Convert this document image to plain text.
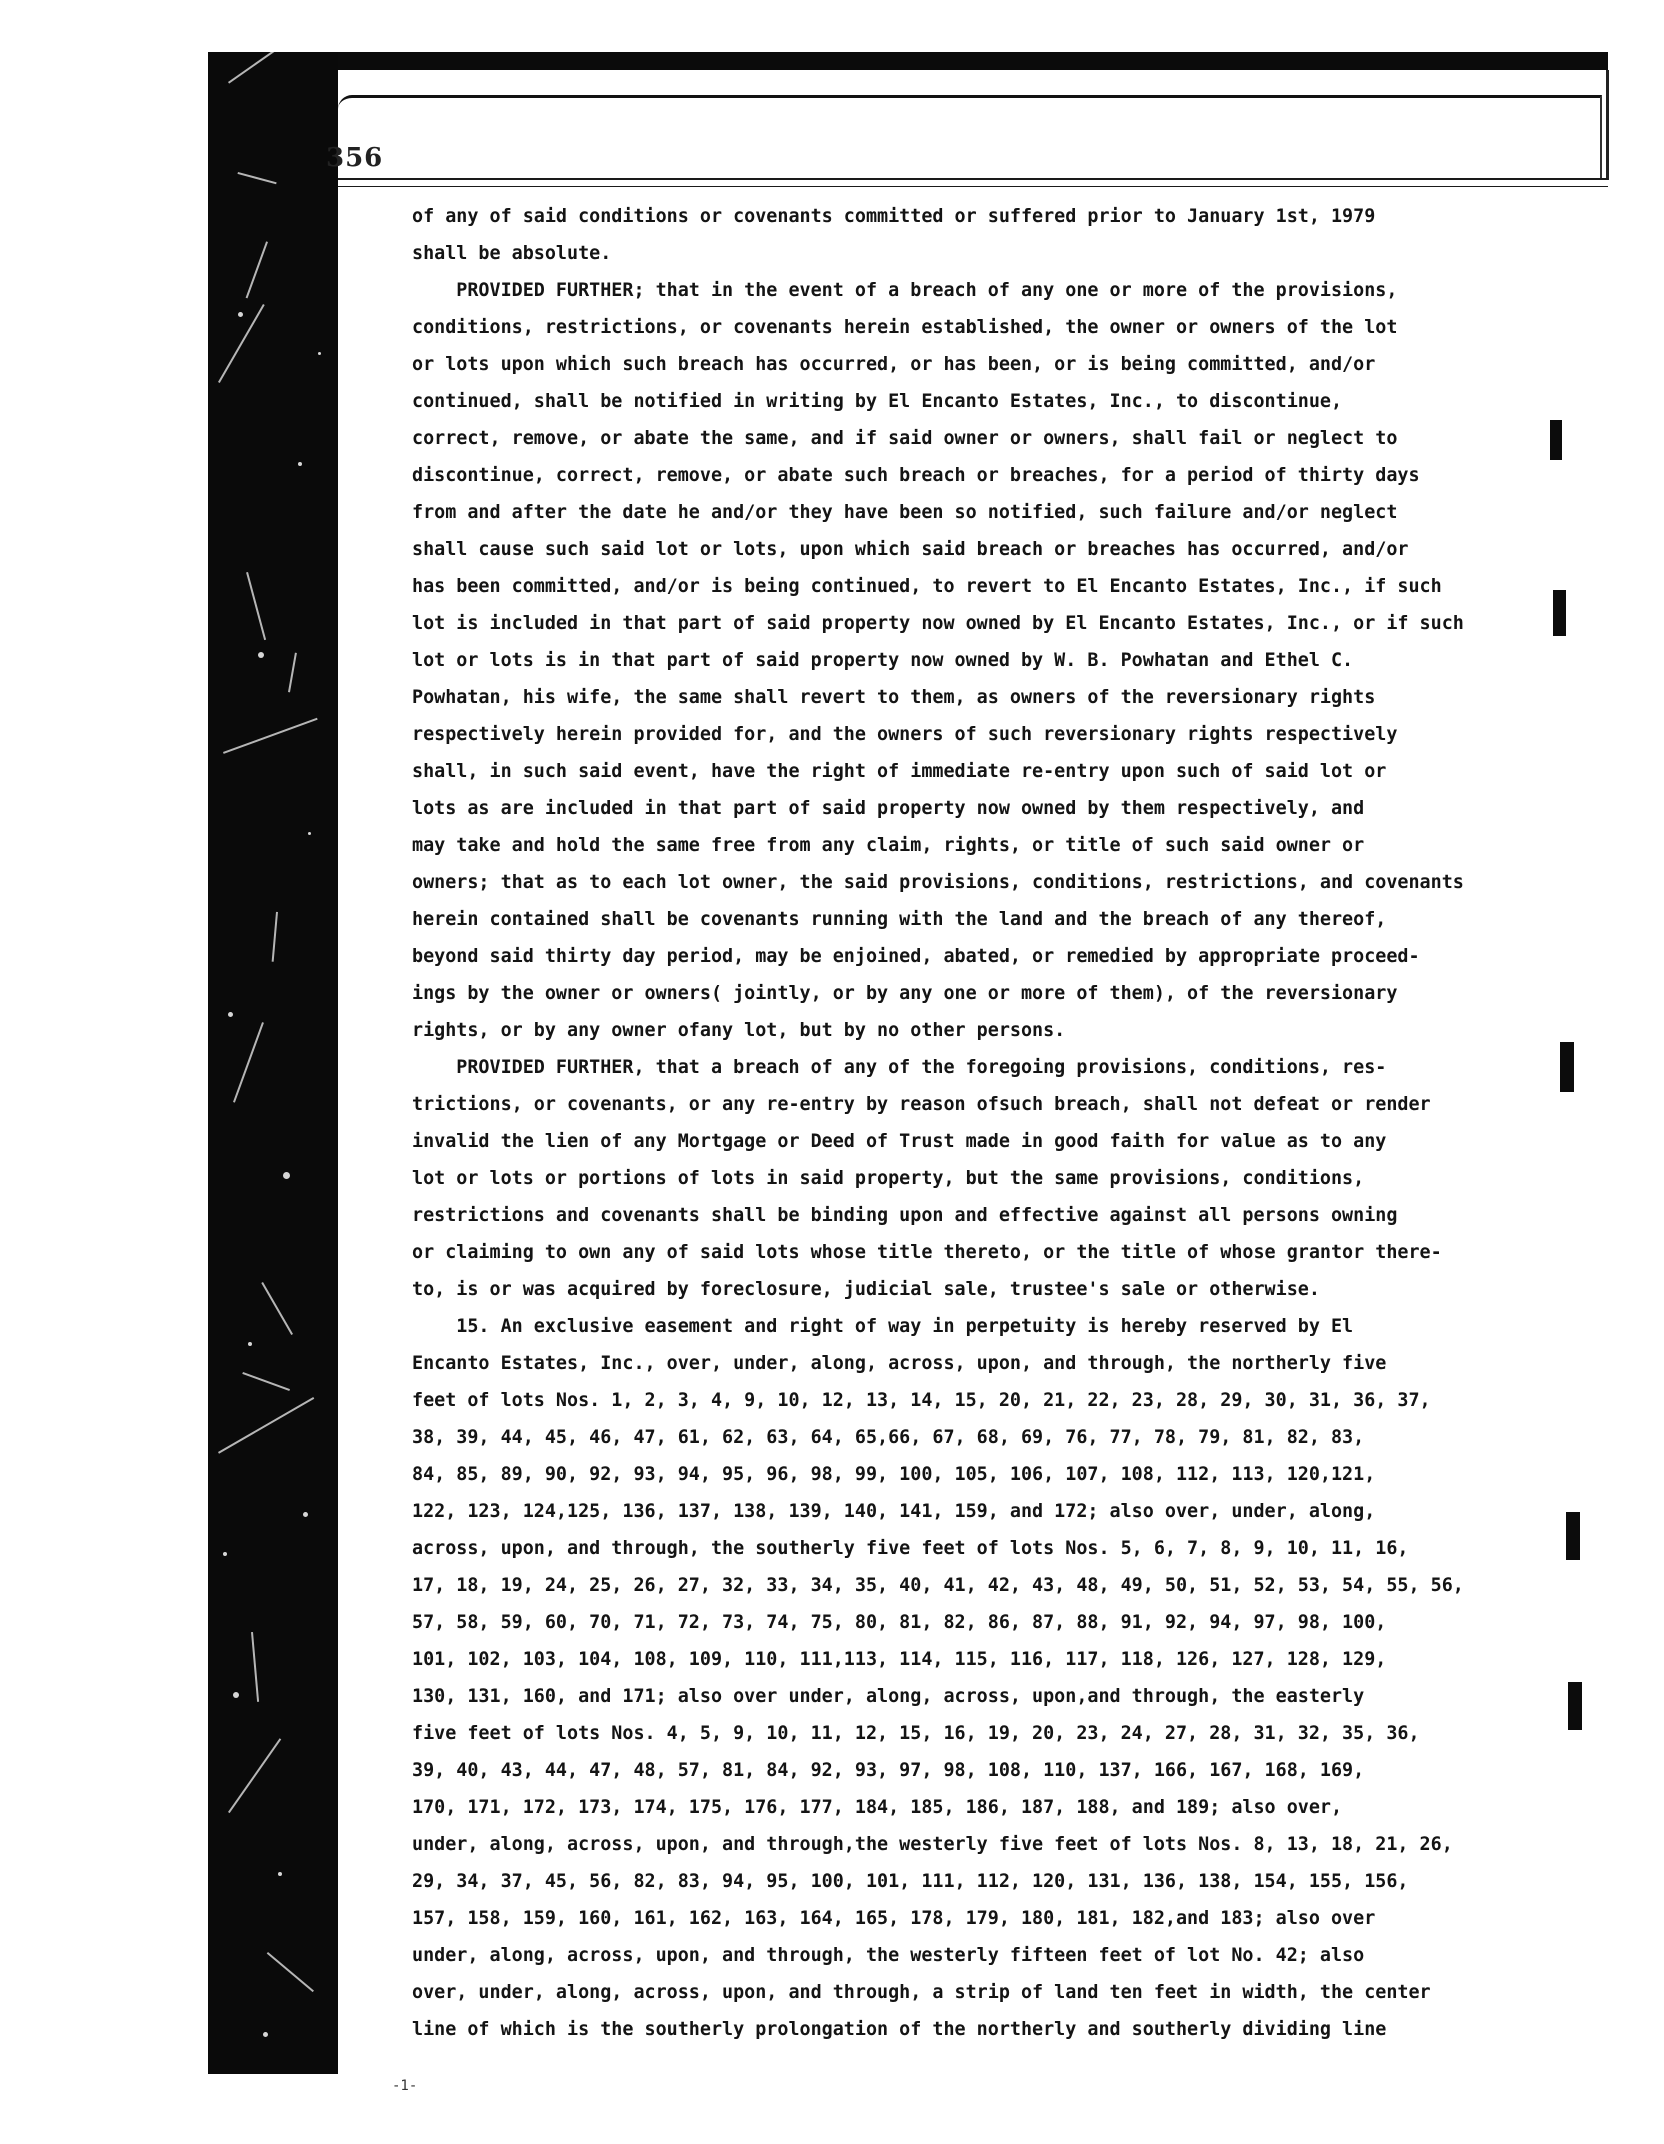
356
of any of said conditions or covenants committed or suffered prior to January 1st, 1979
shall be absolute.
PROVIDED FURTHER; that in the event of a breach of any one or more of the provisions,
conditions, restrictions, or covenants herein established, the owner or owners of the lot
or lots upon which such breach has occurred, or has been, or is being committed, and/or
continued, shall be notified in writing by El Encanto Estates, Inc., to discontinue,
correct, remove, or abate the same, and if said owner or owners, shall fail or neglect to
discontinue, correct, remove, or abate such breach or breaches, for a period of thirty days
from and after the date he and/or they have been so notified, such failure and/or neglect
shall cause such said lot or lots, upon which said breach or breaches has occurred, and/or
has been committed, and/or is being continued, to revert to El Encanto Estates, Inc., if such
lot is included in that part of said property now owned by El Encanto Estates, Inc., or if such
lot or lots is in that part of said property now owned by W. B. Powhatan and Ethel C.
Powhatan, his wife, the same shall revert to them, as owners of the reversionary rights
respectively herein provided for, and the owners of such reversionary rights respectively
shall, in such said event, have the right of immediate re-entry upon such of said lot or
lots as are included in that part of said property now owned by them respectively, and
may take and hold the same free from any claim, rights, or title of such said owner or
owners; that as to each lot owner, the said provisions, conditions, restrictions, and covenants
herein contained shall be covenants running with the land and the breach of any thereof,
beyond said thirty day period, may be enjoined, abated, or remedied by appropriate proceed-
ings by the owner or owners( jointly, or by any one or more of them), of the reversionary
rights, or by any owner ofany lot, but by no other persons.
PROVIDED FURTHER, that a breach of any of the foregoing provisions, conditions, res-
trictions, or covenants, or any re-entry by reason ofsuch breach, shall not defeat or render
invalid the lien of any Mortgage or Deed of Trust made in good faith for value as to any
lot or lots or portions of lots in said property, but the same provisions, conditions,
restrictions and covenants shall be binding upon and effective against all persons owning
or claiming to own any of said lots whose title thereto, or the title of whose grantor there-
to, is or was acquired by foreclosure, judicial sale, trustee's sale or otherwise.
15. An exclusive easement and right of way in perpetuity is hereby reserved by El
Encanto Estates, Inc., over, under, along, across, upon, and through, the northerly five
feet of lots Nos. 1, 2, 3, 4, 9, 10, 12, 13, 14, 15, 20, 21, 22, 23, 28, 29, 30, 31, 36, 37,
38, 39, 44, 45, 46, 47, 61, 62, 63, 64, 65,66, 67, 68, 69, 76, 77, 78, 79, 81, 82, 83,
84, 85, 89, 90, 92, 93, 94, 95, 96, 98, 99, 100, 105, 106, 107, 108, 112, 113, 120,121,
122, 123, 124,125, 136, 137, 138, 139, 140, 141, 159, and 172; also over, under, along,
across, upon, and through, the southerly five feet of lots Nos. 5, 6, 7, 8, 9, 10, 11, 16,
17, 18, 19, 24, 25, 26, 27, 32, 33, 34, 35, 40, 41, 42, 43, 48, 49, 50, 51, 52, 53, 54, 55, 56,
57, 58, 59, 60, 70, 71, 72, 73, 74, 75, 80, 81, 82, 86, 87, 88, 91, 92, 94, 97, 98, 100,
101, 102, 103, 104, 108, 109, 110, 111,113, 114, 115, 116, 117, 118, 126, 127, 128, 129,
130, 131, 160, and 171; also over under, along, across, upon,and through, the easterly
five feet of lots Nos. 4, 5, 9, 10, 11, 12, 15, 16, 19, 20, 23, 24, 27, 28, 31, 32, 35, 36,
39, 40, 43, 44, 47, 48, 57, 81, 84, 92, 93, 97, 98, 108, 110, 137, 166, 167, 168, 169,
170, 171, 172, 173, 174, 175, 176, 177, 184, 185, 186, 187, 188, and 189; also over,
under, along, across, upon, and through,the westerly five feet of lots Nos. 8, 13, 18, 21, 26,
29, 34, 37, 45, 56, 82, 83, 94, 95, 100, 101, 111, 112, 120, 131, 136, 138, 154, 155, 156,
157, 158, 159, 160, 161, 162, 163, 164, 165, 178, 179, 180, 181, 182,and 183; also over
under, along, across, upon, and through, the westerly fifteen feet of lot No. 42; also
over, under, along, across, upon, and through, a strip of land ten feet in width, the center
line of which is the southerly prolongation of the northerly and southerly dividing line
-1-
